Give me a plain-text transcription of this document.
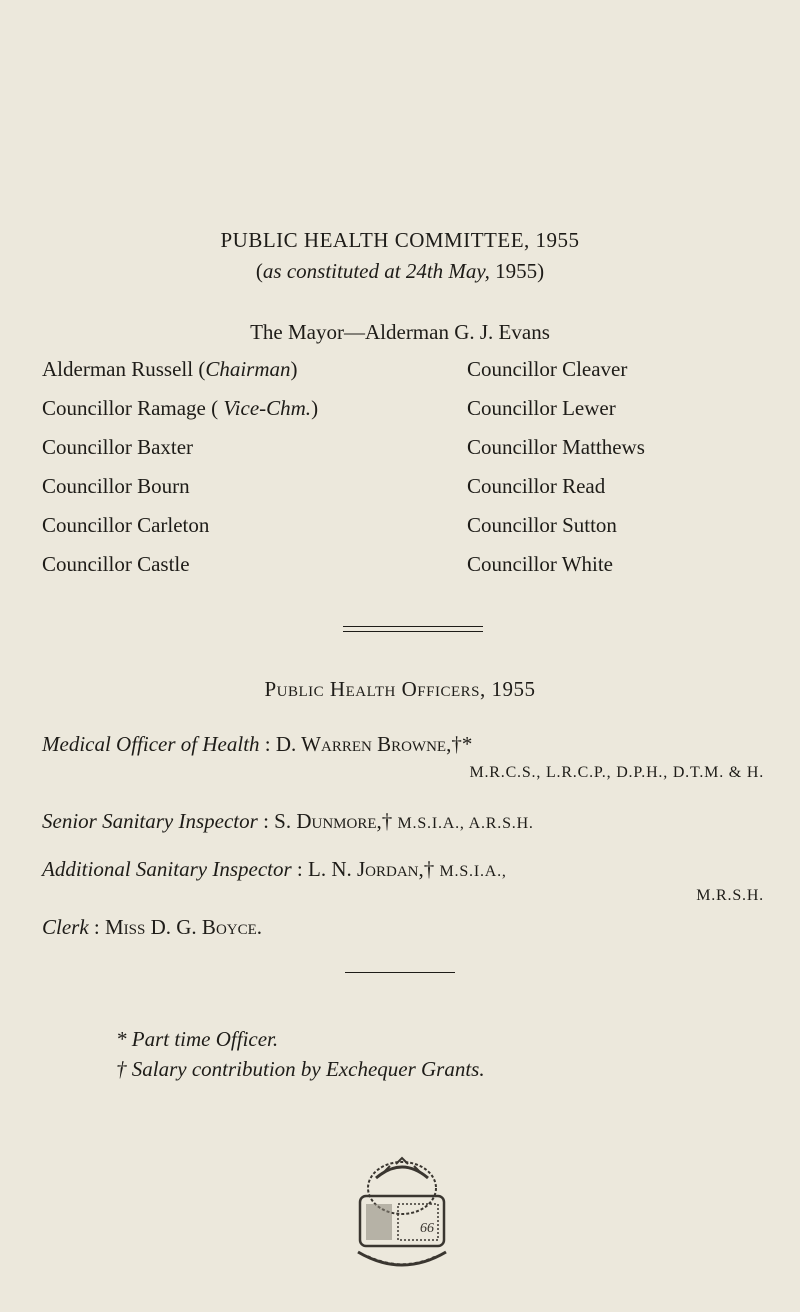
PUBLIC HEALTH COMMITTEE, 1955
(as constituted at 24th May, 1955)
The Mayor—Alderman G. J. Evans
Alderman Russell (Chairman)
Councillor Ramage ( Vice-Chm.)
Councillor Baxter
Councillor Bourn
Councillor Carleton
Councillor Castle
Councillor Cleaver
Councillor Lewer
Councillor Matthews
Councillor Read
Councillor Sutton
Councillor White
Public Health Officers, 1955
Medical Officer of Health : D. Warren Browne,†*
M.R.C.S., L.R.C.P., D.P.H., D.T.M. & H.
Senior Sanitary Inspector : S. Dunmore,† M.S.I.A., A.R.S.H.
Additional Sanitary Inspector : L. N. Jordan,† M.S.I.A.,
M.R.S.H.
Clerk : Miss D. G. Boyce.
* Part time Officer.
† Salary contribution by Exchequer Grants.
66
